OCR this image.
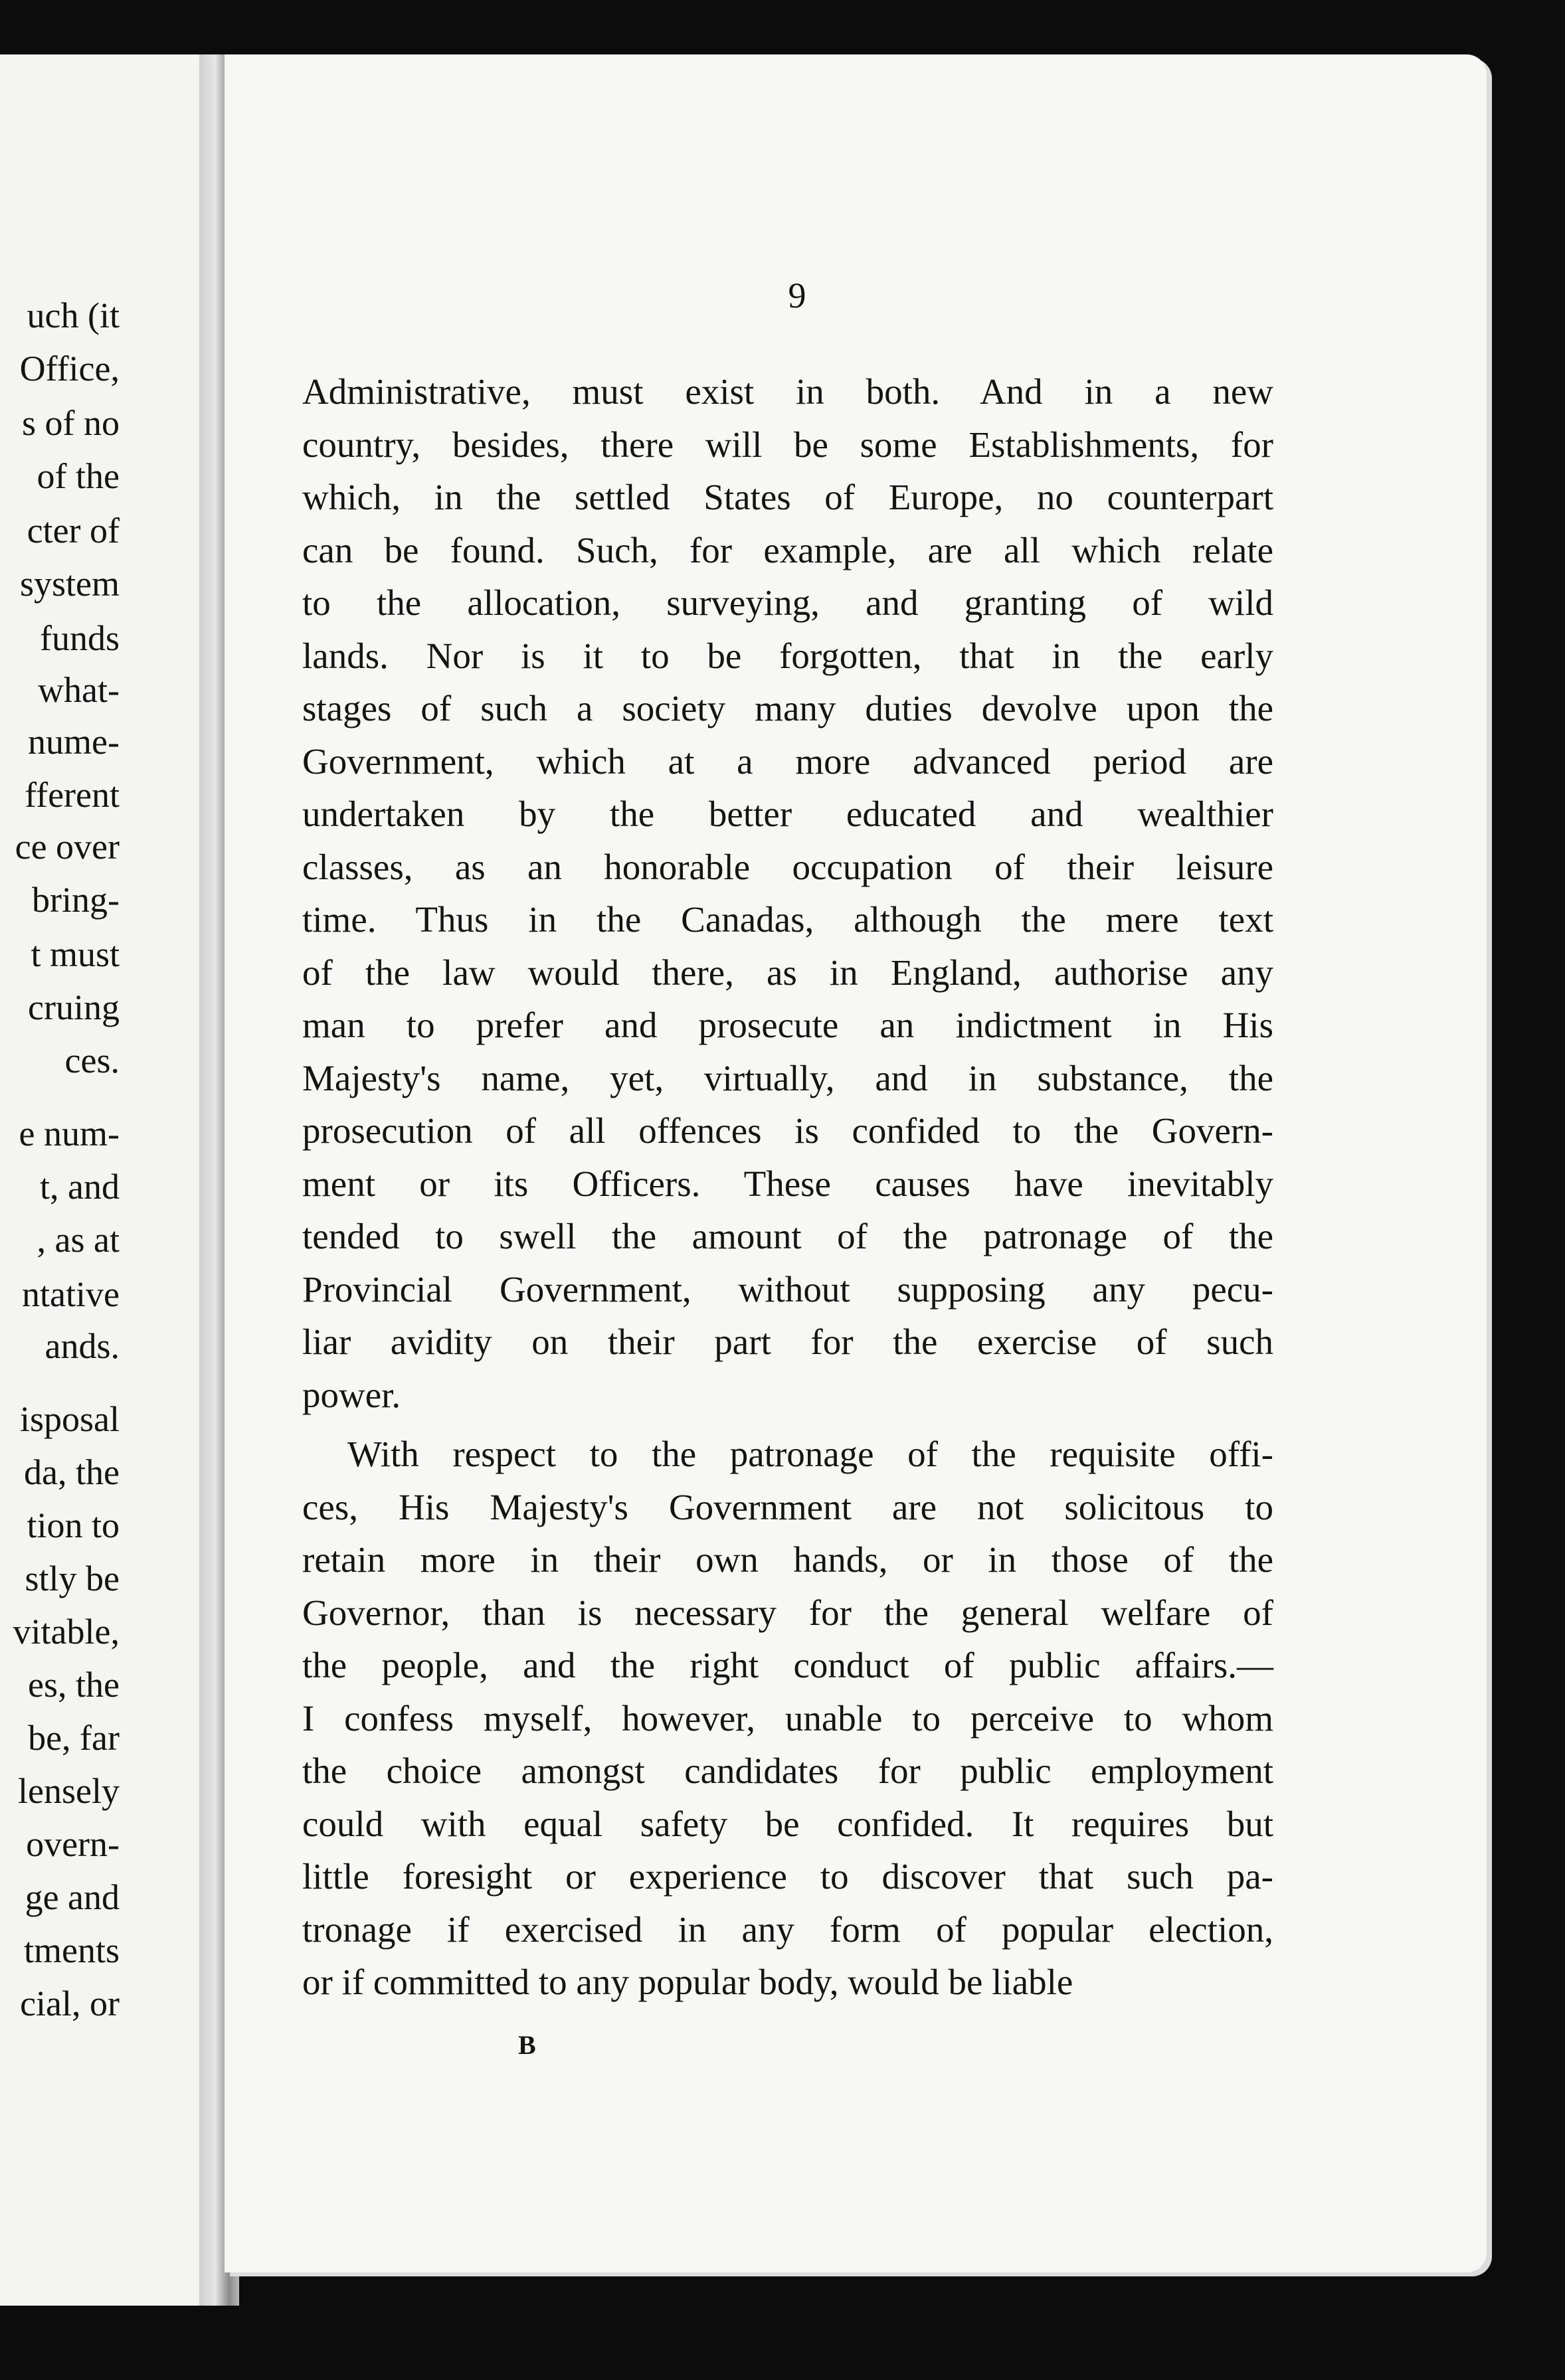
uch (it
Office,
s of no
of the
cter of
system
funds
what-
nume-
fferent
ce over
bring-
t must
cruing
ces.
e num-
t, and
, as at
ntative
ands.
isposal
da, the
tion to
stly be
vitable,
es, the
be, far
lensely
overn-
ge and
tments
cial, or
9
Administrative, must exist in both. And in a new
country, besides, there will be some Establishments, for
which, in the settled States of Europe, no counterpart
can be found. Such, for example, are all which relate
to the allocation, surveying, and granting of wild
lands. Nor is it to be forgotten, that in the early
stages of such a society many duties devolve upon the
Government, which at a more advanced period are
undertaken by the better educated and wealthier
classes, as an honorable occupation of their leisure
time. Thus in the Canadas, although the mere text
of the law would there, as in England, authorise any
man to prefer and prosecute an indictment in His
Majesty's name, yet, virtually, and in substance, the
prosecution of all offences is confided to the Govern-
ment or its Officers. These causes have inevitably
tended to swell the amount of the patronage of the
Provincial Government, without supposing any pecu-
liar avidity on their part for the exercise of such
power.
With respect to the patronage of the requisite offi-
ces, His Majesty's Government are not solicitous to
retain more in their own hands, or in those of the
Governor, than is necessary for the general welfare of
the people, and the right conduct of public affairs.—
I confess myself, however, unable to perceive to whom
the choice amongst candidates for public employment
could with equal safety be confided. It requires but
little foresight or experience to discover that such pa-
tronage if exercised in any form of popular election,
or if committed to any popular body, would be liable
B
